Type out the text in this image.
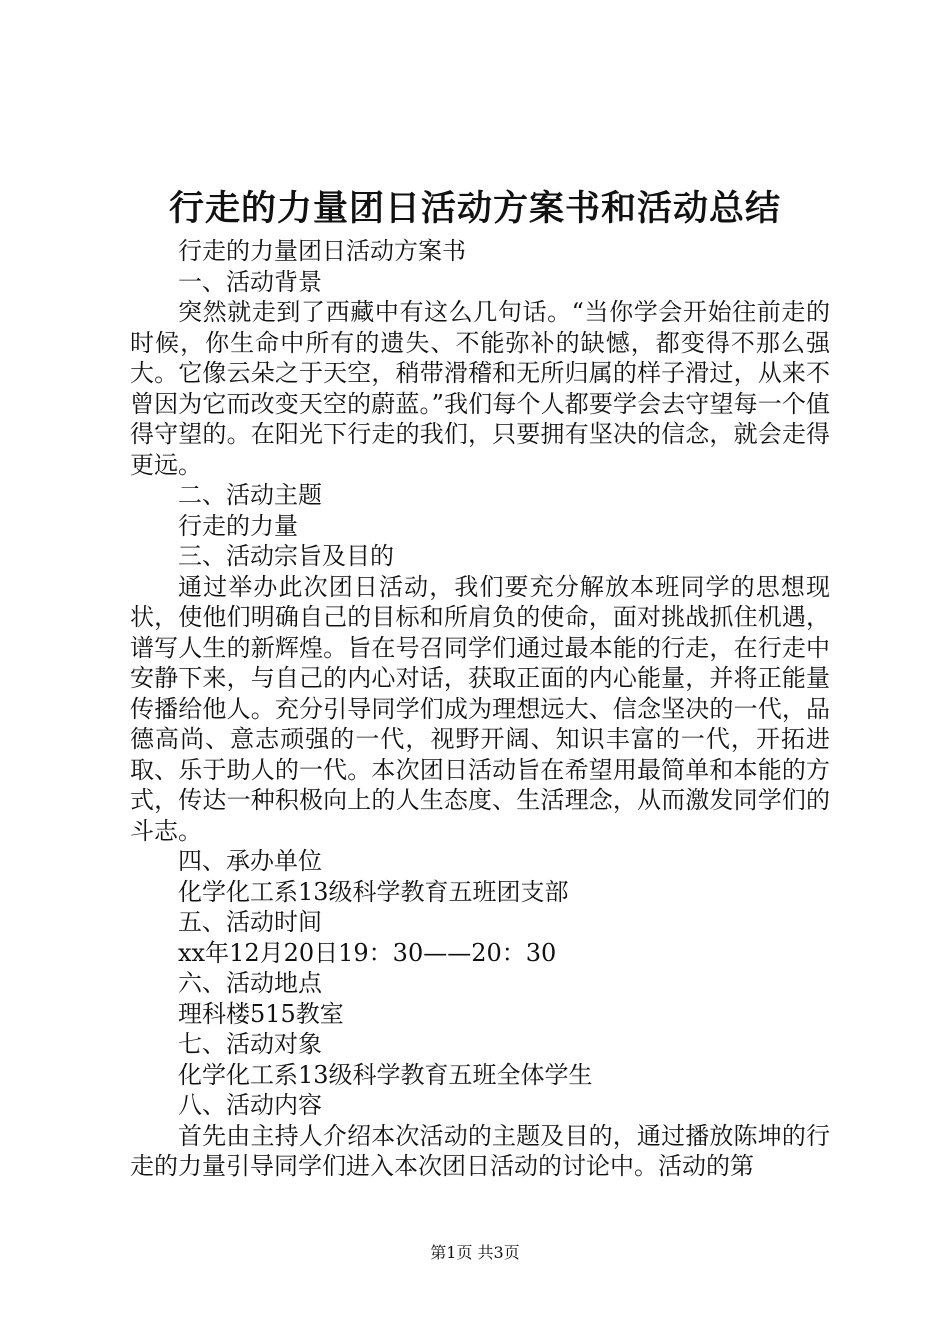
行走的力量团日活动方案书和活动总结

行走的力量团日活动方案书

一、活动背景

突然就走到了西藏中有这么几句话。“当你学会开始往前走的时候，你生命中所有的遗失、不能弥补的缺憾，都变得不那么强大。它像云朵之于天空，稍带滑稽和无所归属的样子滑过，从来不曾因为它而改变天空的蔚蓝。”我们每个人都要学会去守望每一个值得守望的。在阳光下行走的我们，只要拥有坚决的信念，就会走得更远。

二、活动主题

行走的力量

三、活动宗旨及目的

通过举办此次团日活动，我们要充分解放本班同学的思想现状，使他们明确自己的目标和所肩负的使命，面对挑战抓住机遇，谱写人生的新辉煌。旨在号召同学们通过最本能的行走，在行走中安静下来，与自己的内心对话，获取正面的内心能量，并将正能量传播给他人。充分引导同学们成为理想远大、信念坚决的一代，品德高尚、意志顽强的一代，视野开阔、知识丰富的一代，开拓进取、乐于助人的一代。本次团日活动旨在希望用最简单和本能的方式，传达一种积极向上的人生态度、生活理念，从而激发同学们的斗志。

四、承办单位

化学化工系13级科学教育五班团支部

五、活动时间

xx年12月20日19：30——20：30

六、活动地点

理科楼515教室

七、活动对象

化学化工系13级科学教育五班全体学生

八、活动内容

首先由主持人介绍本次活动的主题及目的，通过播放陈坤的行走的力量引导同学们进入本次团日活动的讨论中。活动的第

第1页 共3页
